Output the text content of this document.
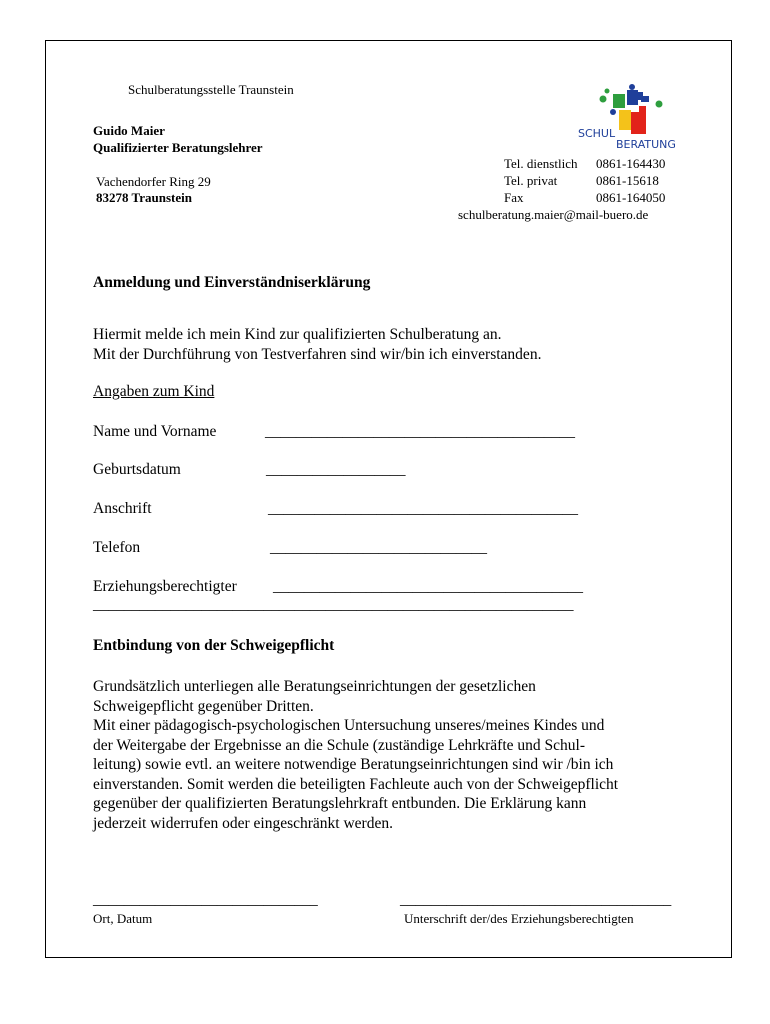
Schulberatungsstelle Traunstein
Guido Maier
Qualifizierter Beratungslehrer
Vachendorfer Ring 29
83278 Traunstein
SCHUL
BERATUNG
Tel. dienstlich	0861-164430
Tel. privat	0861-15618
Fax	0861-164050
schulberatung.maier@mail-buero.de
Anmeldung und Einverständniserklärung
Hiermit melde ich mein Kind zur qualifizierten Schulberatung an.
Mit der Durchführung von Testverfahren sind wir/bin ich einverstanden.
Angaben zum Kind
Name und Vorname	________________________________________
Geburtsdatum	__________________
Anschrift	________________________________________
Telefon	____________________________
Erziehungsberechtigter ________________________________________
______________________________________________________________
Entbindung von der Schweigepflicht
Grundsätzlich unterliegen alle Beratungseinrichtungen der gesetzlichen
Schweigepflicht gegenüber Dritten.
Mit einer pädagogisch-psychologischen Untersuchung unseres/meines Kindes und
der Weitergabe der Ergebnisse an die Schule (zuständige Lehrkräfte und Schul-
leitung) sowie evtl. an weitere notwendige Beratungseinrichtungen sind wir /bin ich
einverstanden. Somit werden die beteiligten Fachleute auch von der Schweigepflicht
gegenüber der qualifizierten Beratungslehrkraft entbunden. Die Erklärung kann
jederzeit widerrufen oder eingeschränkt werden.
_____________________________
Ort, Datum
___________________________________
Unterschrift der/des Erziehungsberechtigten
